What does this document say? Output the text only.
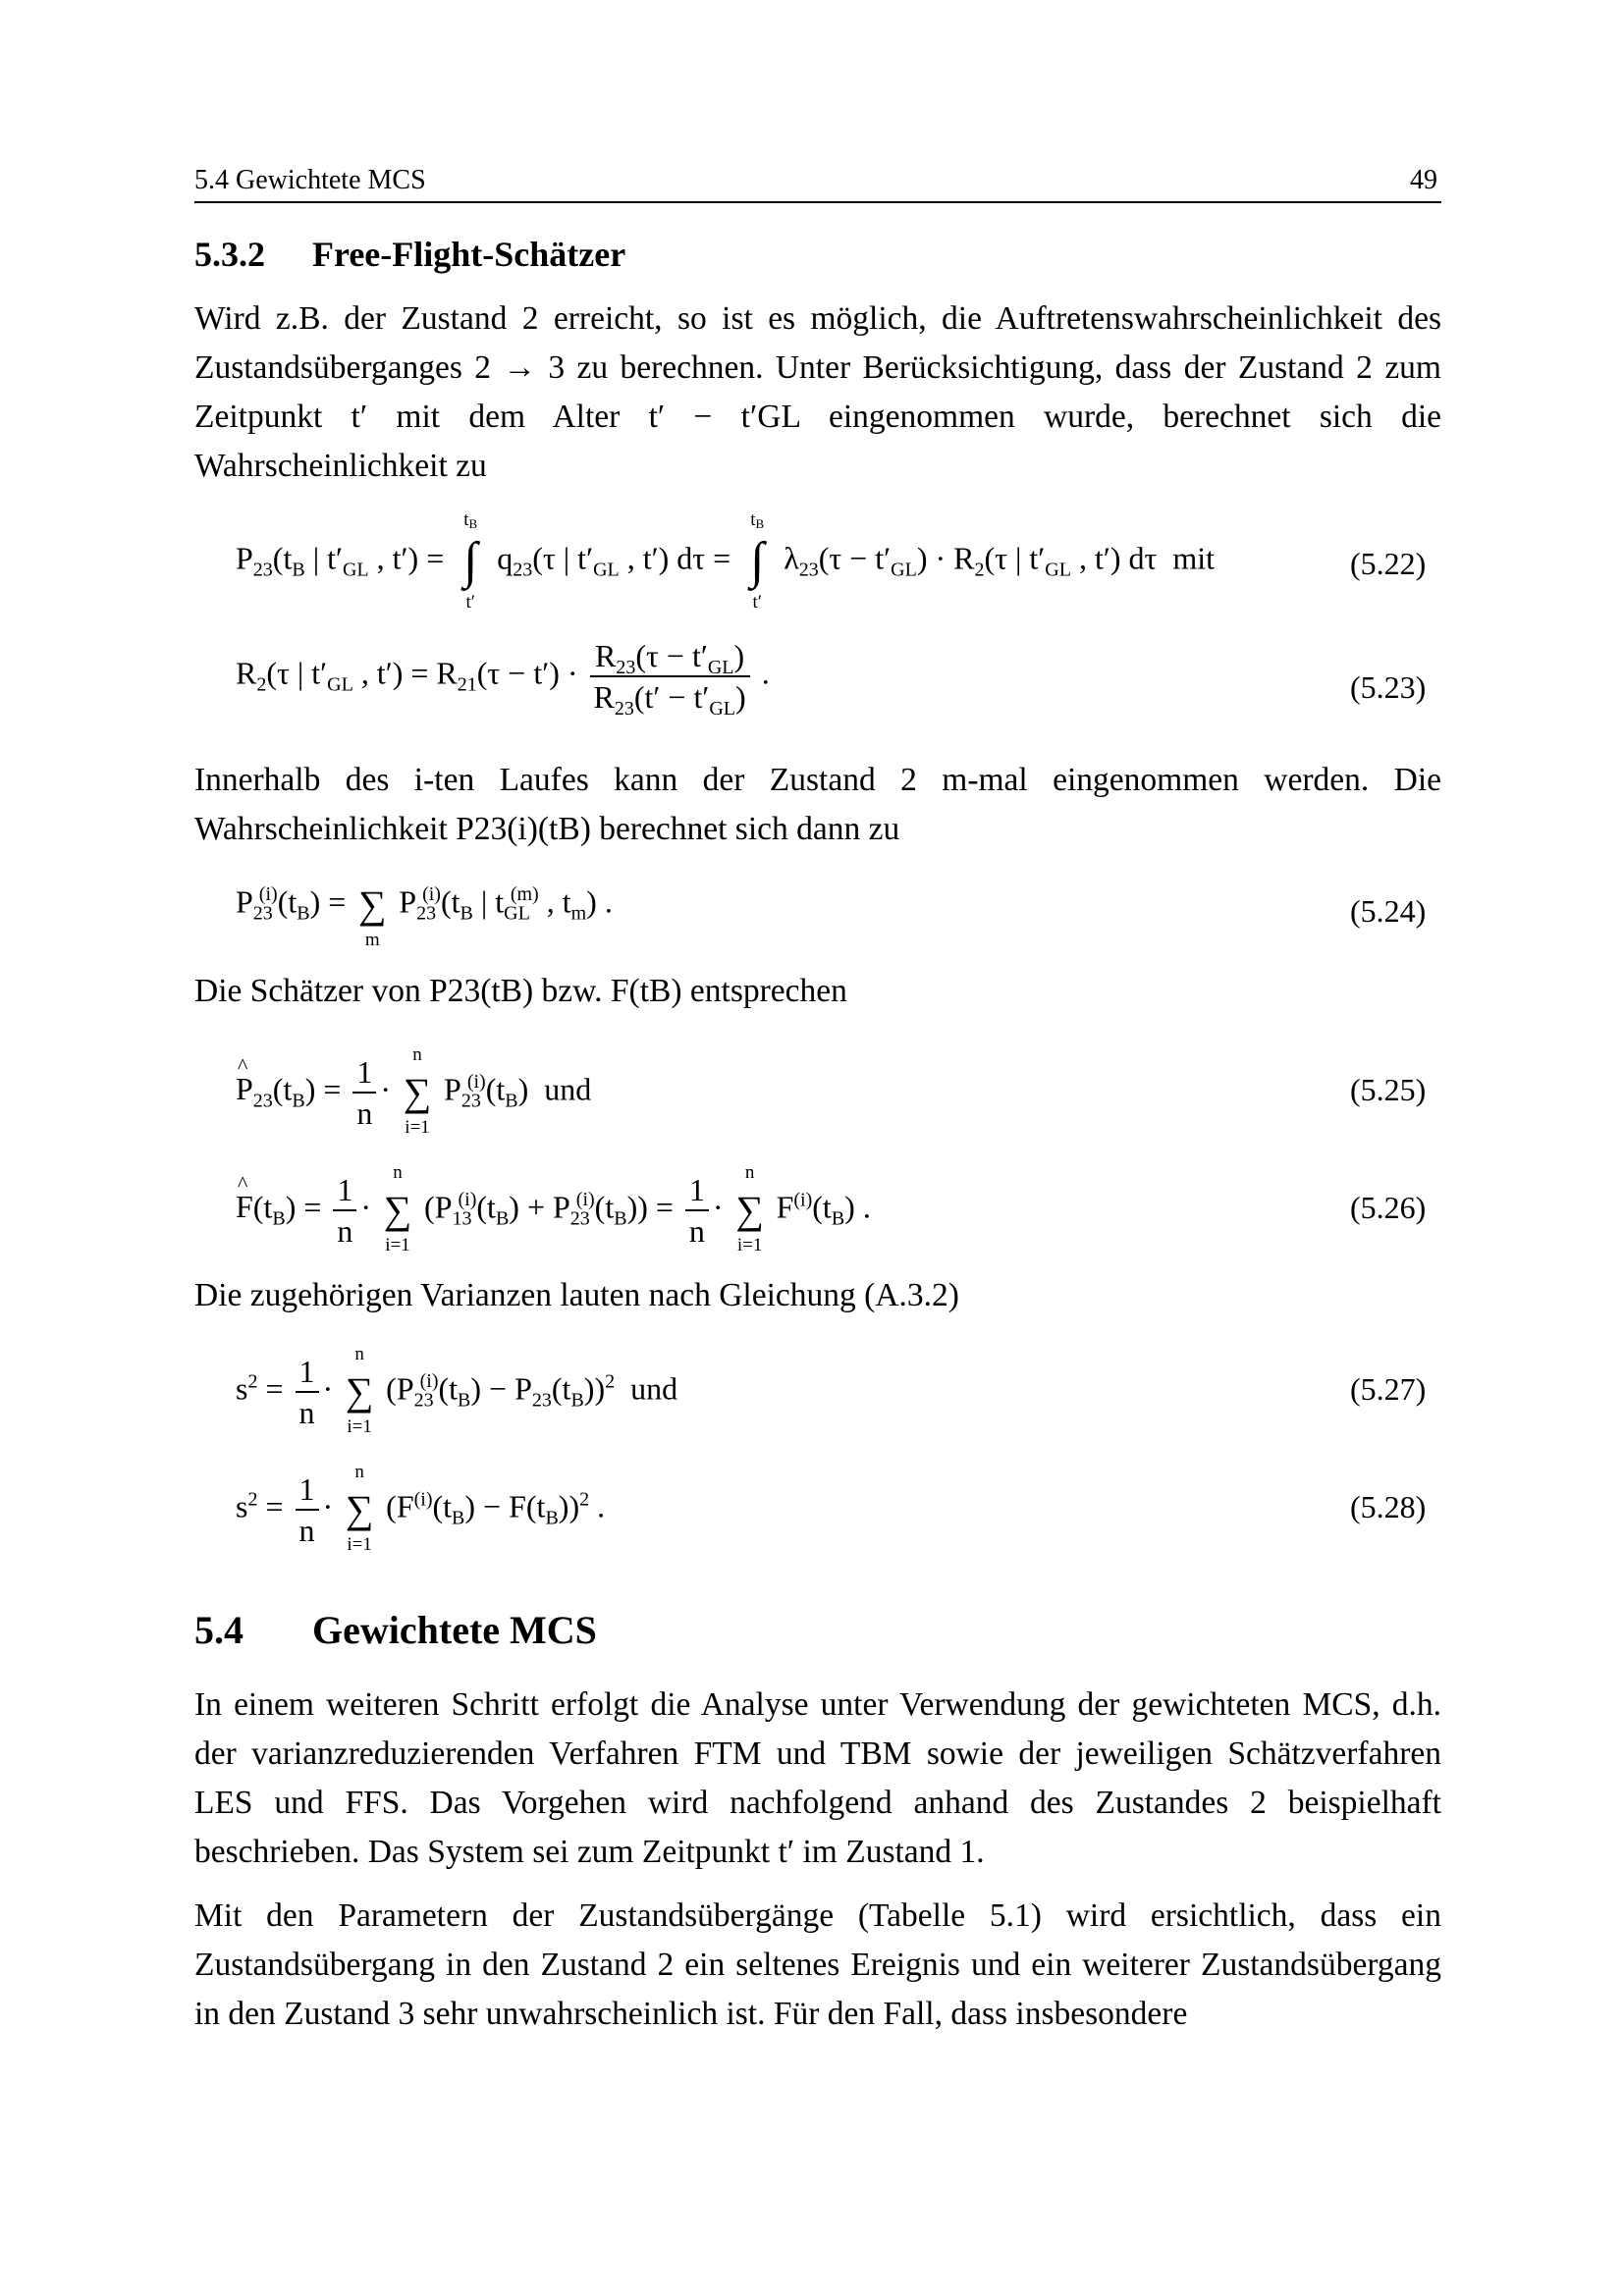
5.4 Gewichtete MCS	49
5.3.2 Free-Flight-Schätzer
Wird z.B. der Zustand 2 erreicht, so ist es möglich, die Auftretenswahrscheinlichkeit des Zustandsüberganges 2 → 3 zu berechnen. Unter Berücksichtigung, dass der Zustand 2 zum Zeitpunkt t′ mit dem Alter t′ − t′GL eingenommen wurde, berechnet sich die Wahrscheinlichkeit zu
$P_{23}(t_B$ | $t'_{GL}$ , t′) =
$t_B$
∫
t′
$q_{23}(\tau$ | $t'_{GL}$ , t′) dτ =
$t_B$
∫
t′
$\lambda_{23}(\tau - t'_{GL}) \cdot R_2(\tau$ | $t'_{GL}$ , t′) dτ  mit	(5.22)
$R_2(\tau$ | $t'_{GL}$ , $t') = R_{21}(\tau - t') \cdot \frac{R_{23}(\tau - t'_{GL})}{R_{23}(t' - t'_{GL})}$ .	(5.23)
Innerhalb des i-ten Laufes kann der Zustand 2 m-mal eingenommen werden. Die Wahrscheinlichkeit P23(i)(tB) berechnet sich dann zu
$P_{23}^{(i)}(t_B)$ = ∑
m
$P_{23}^{(i)}(t_B$ | $t_{GL}^{(m)}$ , $t_m$) .	(5.24)
Die Schätzer von P23(tB) bzw. F(tB) entsprechen
^ $P_{23}(t_B) = \frac{1}{n}$ ·
n
∑
i=1
$P_{23}^{(i)}(t_B)$  und	(5.25)
^ $F(t_B) = \frac{1}{n}$ ·
n
∑
i=1
$(P_{13}^{(i)}(t_B) + P_{23}^{(i)}(t_B)) = \frac{1}{n}$ ·
n
∑
i=1
$F^{(i)}(t_B)$ .	(5.26)
Die zugehörigen Varianzen lauten nach Gleichung (A.3.2)
$s^2 = \frac{1}{n}$ ·
n
∑
i=1
$(P_{23}^{(i)}(t_B) - P_{23}(t_B))^2$ und	(5.27)
$s^2 = \frac{1}{n}$ ·
n
∑
i=1
$(F^{(i)}(t_B) - F(t_B))^2$ .	(5.28)
5.4 Gewichtete MCS
In einem weiteren Schritt erfolgt die Analyse unter Verwendung der gewichteten MCS, d.h. der varianzreduzierenden Verfahren FTM und TBM sowie der jeweiligen Schätzverfahren LES und FFS. Das Vorgehen wird nachfolgend anhand des Zustandes 2 beispielhaft beschrieben. Das System sei zum Zeitpunkt t′ im Zustand 1.
Mit den Parametern der Zustandsübergänge (Tabelle 5.1) wird ersichtlich, dass ein Zustandsübergang in den Zustand 2 ein seltenes Ereignis und ein weiterer Zustandsübergang in den Zustand 3 sehr unwahrscheinlich ist. Für den Fall, dass insbesondere
